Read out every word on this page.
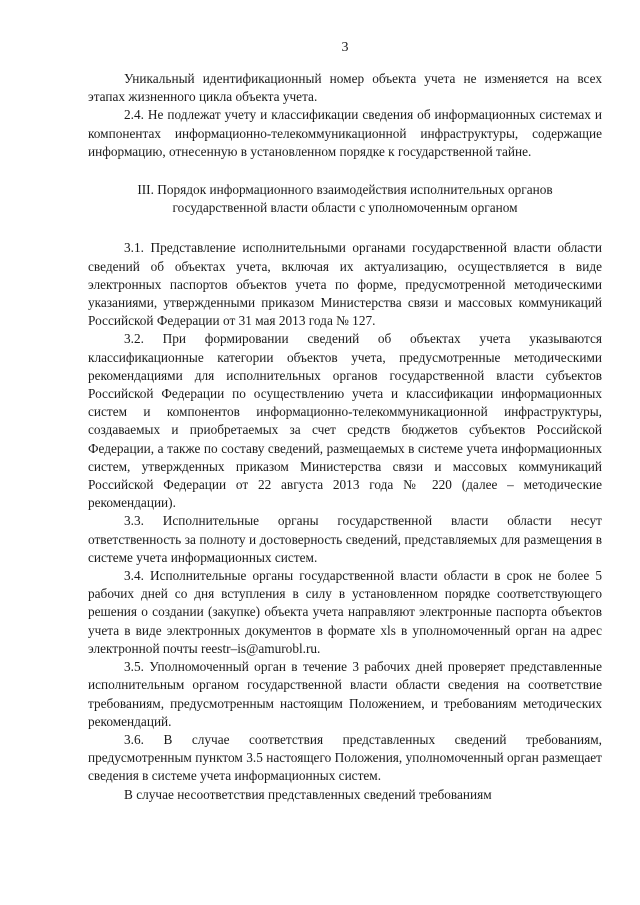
3

Уникальный идентификационный номер объекта учета не изменяется на всех этапах жизненного цикла объекта учета.

2.4. Не подлежат учету и классификации сведения об информационных системах и компонентах информационно-телекоммуникационной инфраструктуры, содержащие информацию, отнесенную в установленном порядке к государственной тайне.

III. Порядок информационного взаимодействия исполнительных органов государственной власти области с уполномоченным органом

3.1. Представление исполнительными органами государственной власти области сведений об объектах учета, включая их актуализацию, осуществляется в виде электронных паспортов объектов учета по форме, предусмотренной методическими указаниями, утвержденными приказом Министерства связи и массовых коммуникаций Российской Федерации от 31 мая 2013 года № 127.

3.2. При формировании сведений об объектах учета указываются классификационные категории объектов учета, предусмотренные методическими рекомендациями для исполнительных органов государственной власти субъектов Российской Федерации по осуществлению учета и классификации информационных систем и компонентов информационно-телекоммуникационной инфраструктуры, создаваемых и приобретаемых за счет средств бюджетов субъектов Российской Федерации, а также по составу сведений, размещаемых в системе учета информационных систем, утвержденных приказом Министерства связи и массовых коммуникаций Российской Федерации от 22 августа 2013 года № 220 (далее – методические рекомендации).

3.3. Исполнительные органы государственной власти области несут ответственность за полноту и достоверность сведений, представляемых для размещения в системе учета информационных систем.

3.4. Исполнительные органы государственной власти области в срок не более 5 рабочих дней со дня вступления в силу в установленном порядке соответствующего решения о создании (закупке) объекта учета направляют электронные паспорта объектов учета в виде электронных документов в формате xls в уполномоченный орган на адрес электронной почты reestr–is@amurobl.ru.

3.5. Уполномоченный орган в течение 3 рабочих дней проверяет представленные исполнительным органом государственной власти области сведения на соответствие требованиям, предусмотренным настоящим Положением, и требованиям методических рекомендаций.

3.6. В случае соответствия представленных сведений требованиям, предусмотренным пунктом 3.5 настоящего Положения, уполномоченный орган размещает сведения в системе учета информационных систем.

В случае несоответствия представленных сведений требованиям
